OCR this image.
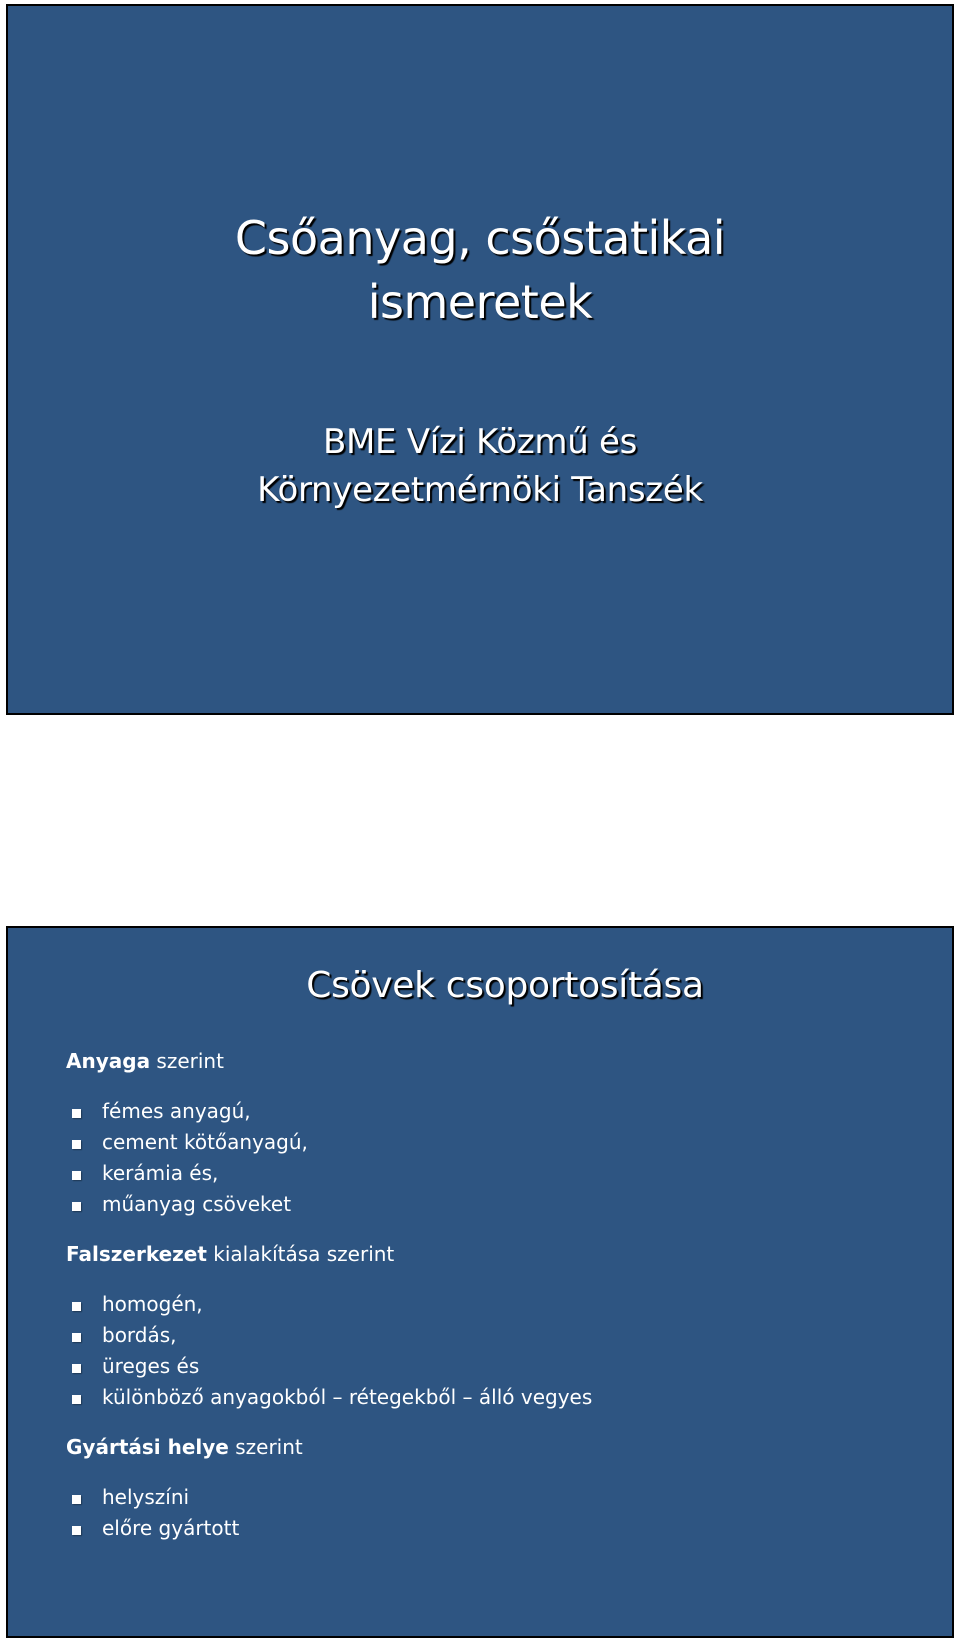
Csőanyag, csőstatikai
ismeretek
BME Vízi Közmű és
Környezetmérnöki Tanszék
Csövek csoportosítása

Anyaga szerint

fémes anyagú,
cement kötőanyagú,
kerámia és,
műanyag csöveket

Falszerkezet kialakítása szerint

homogén,
bordás,
üreges és
különböző anyagokból – rétegekből – álló vegyes

Gyártási helye szerint

helyszíni
előre gyártott
